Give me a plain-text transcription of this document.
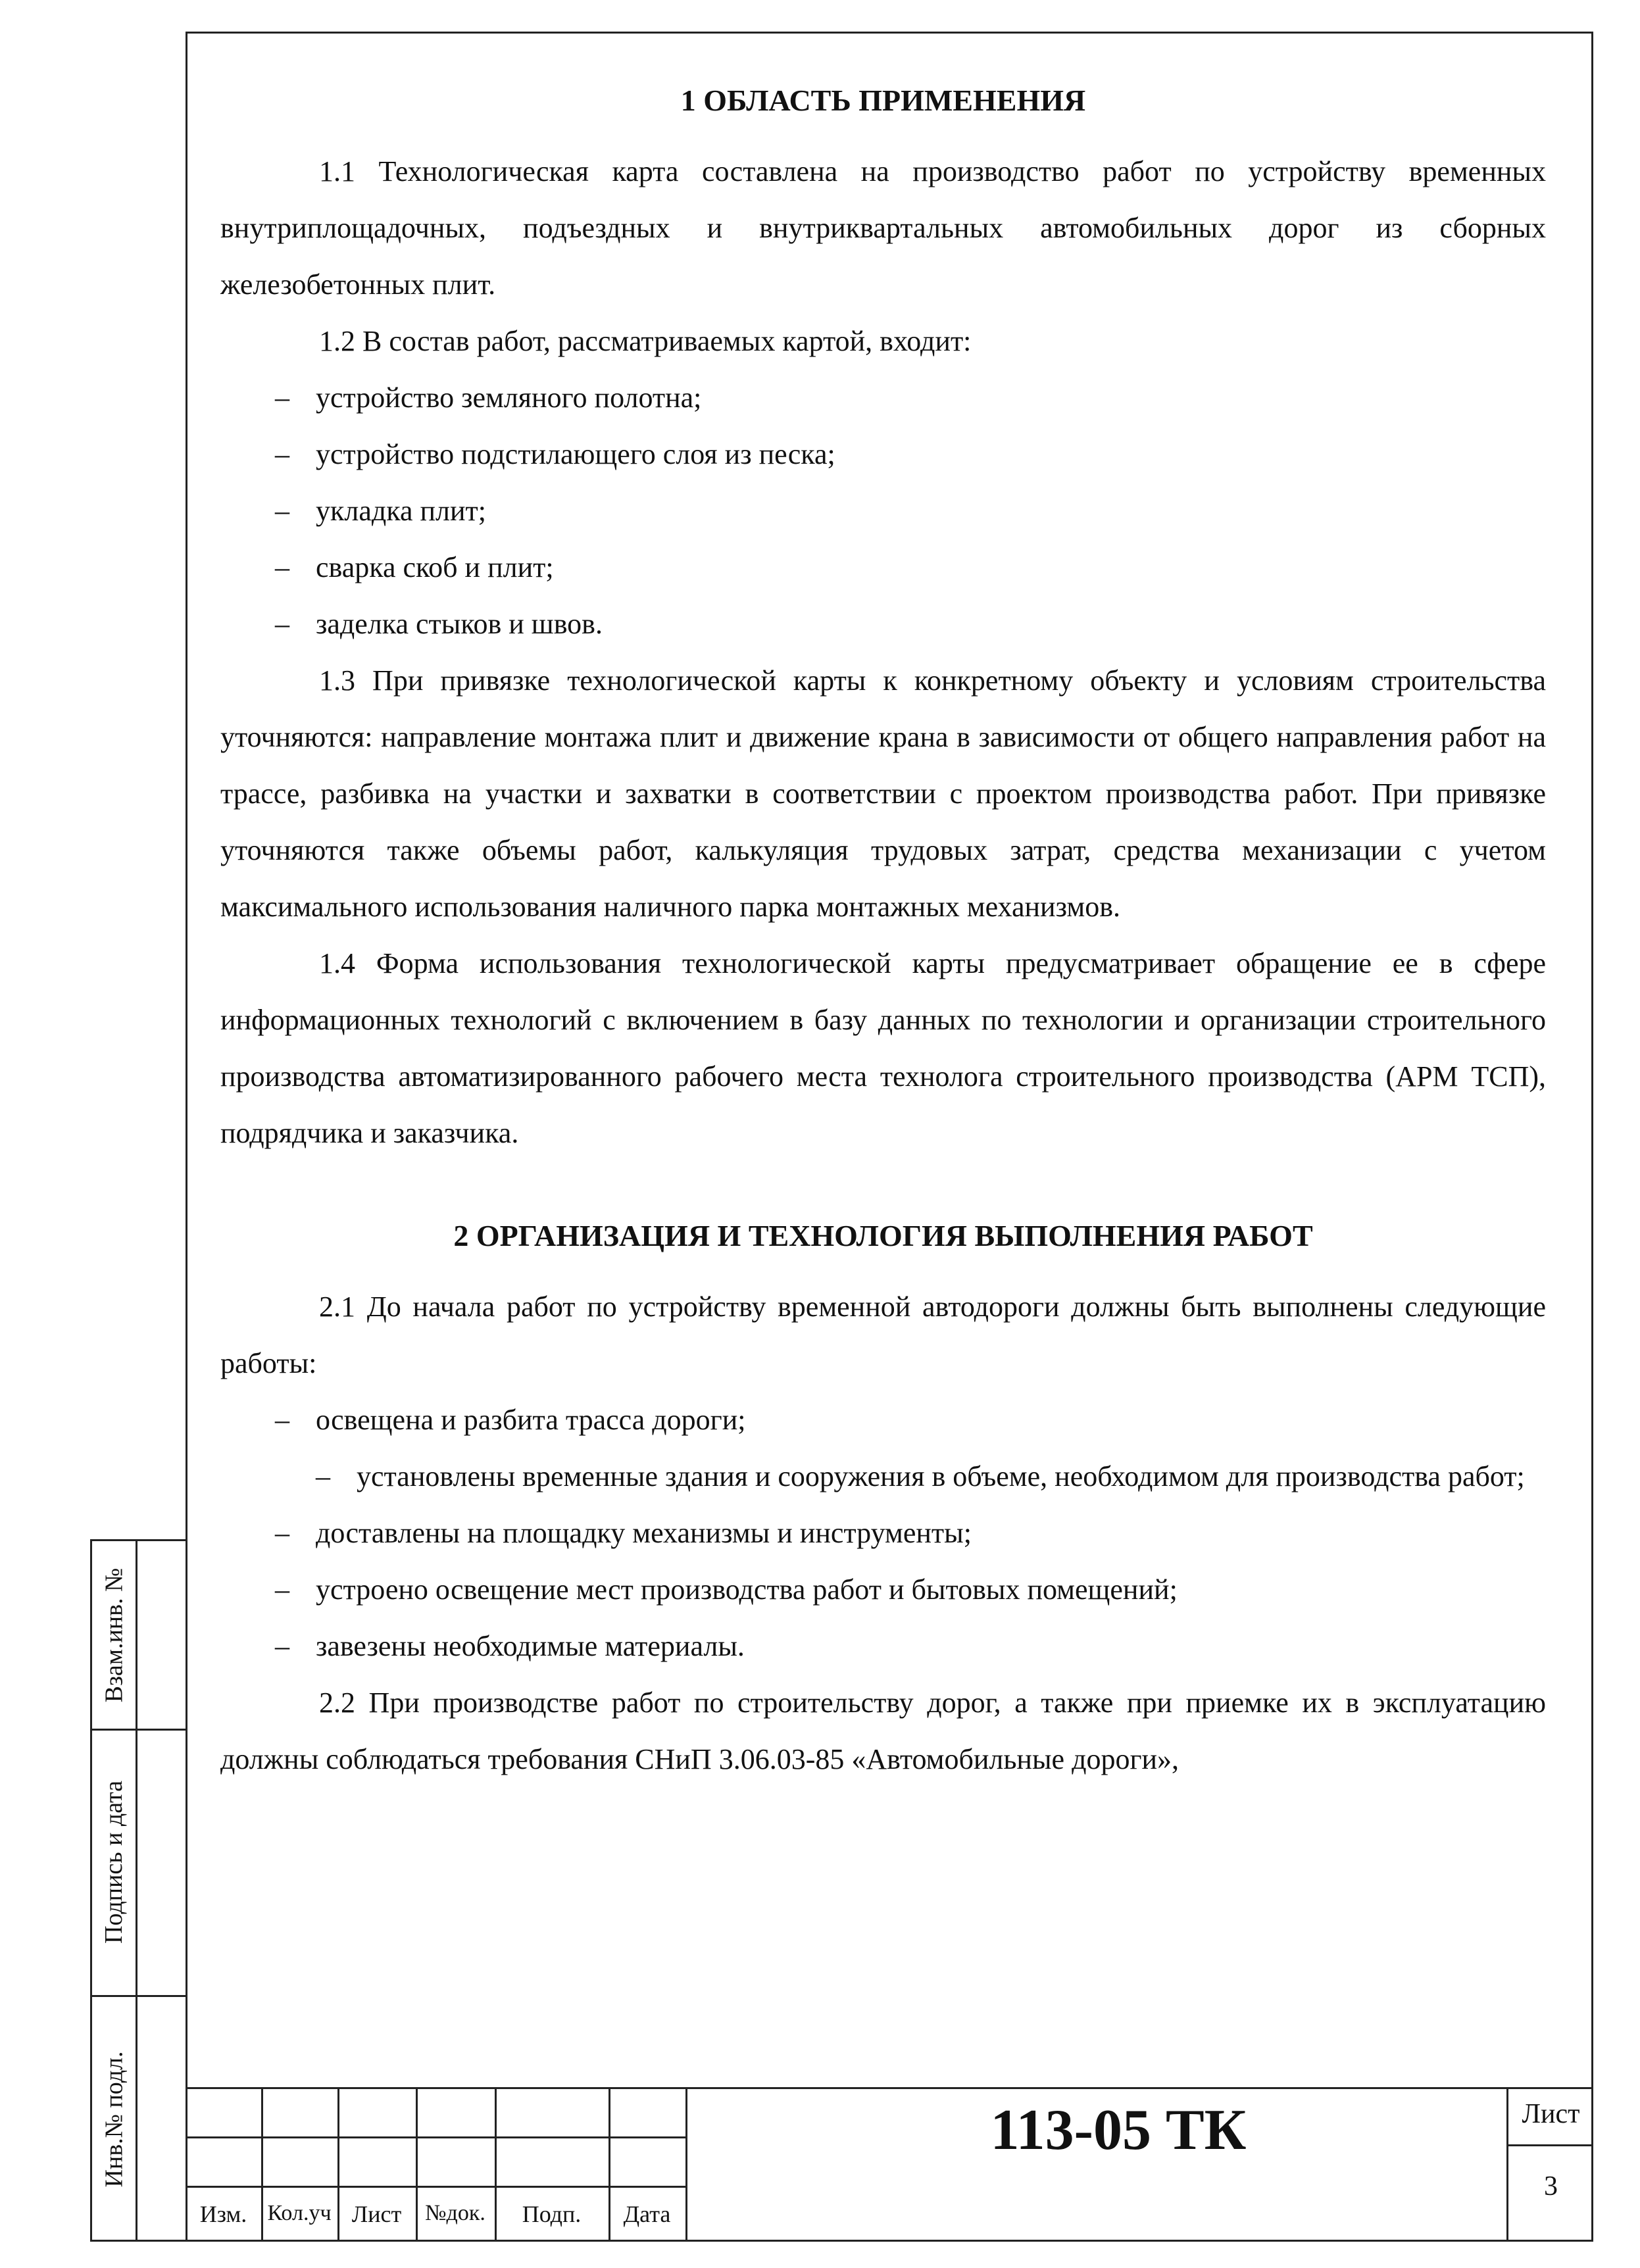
Взам.инв. №
Подпись и дата
Инв.№ подл.

1 ОБЛАСТЬ ПРИМЕНЕНИЯ

1.1 Технологическая карта составлена на производство работ по устройству временных внутриплощадочных, подъездных и внутриквартальных автомобильных дорог из сборных железобетонных плит.

1.2 В состав работ, рассматриваемых картой, входит:

– устройство земляного полотна;

– устройство подстилающего слоя из песка;

– укладка плит;

– сварка скоб и плит;

– заделка стыков и швов.

1.3 При привязке технологической карты к конкретному объекту и условиям строительства уточняются: направление монтажа плит и движение крана в зависимости от общего направления работ на трассе, разбивка на участки и захватки в соответствии с проектом производства работ. При привязке уточняются также объемы работ, калькуляция трудовых затрат, средства механизации с учетом максимального использования наличного парка монтажных механизмов.

1.4 Форма использования технологической карты предусматривает обращение ее в сфере информационных технологий с включением в базу данных по технологии и организации строительного производства автоматизированного рабочего места технолога строительного производства (АРМ ТСП), подрядчика и заказчика.

2 ОРГАНИЗАЦИЯ И ТЕХНОЛОГИЯ ВЫПОЛНЕНИЯ РАБОТ

2.1 До начала работ по устройству временной автодороги должны быть выполнены следующие работы:

– освещена и разбита трасса дороги;

– установлены временные здания и сооружения в объеме, необходимом для производства работ;

– доставлены на площадку механизмы и инструменты;

– устроено освещение мест производства работ и бытовых помещений;

– завезены необходимые материалы.

2.2 При производстве работ по строительству дорог, а также при приемке их в эксплуатацию должны соблюдаться требования СНиП 3.06.03-85 «Автомобильные дороги»,

Изм. Кол.уч Лист	№док.	Подп.	Дата
113-05 ТК	Лист
3
